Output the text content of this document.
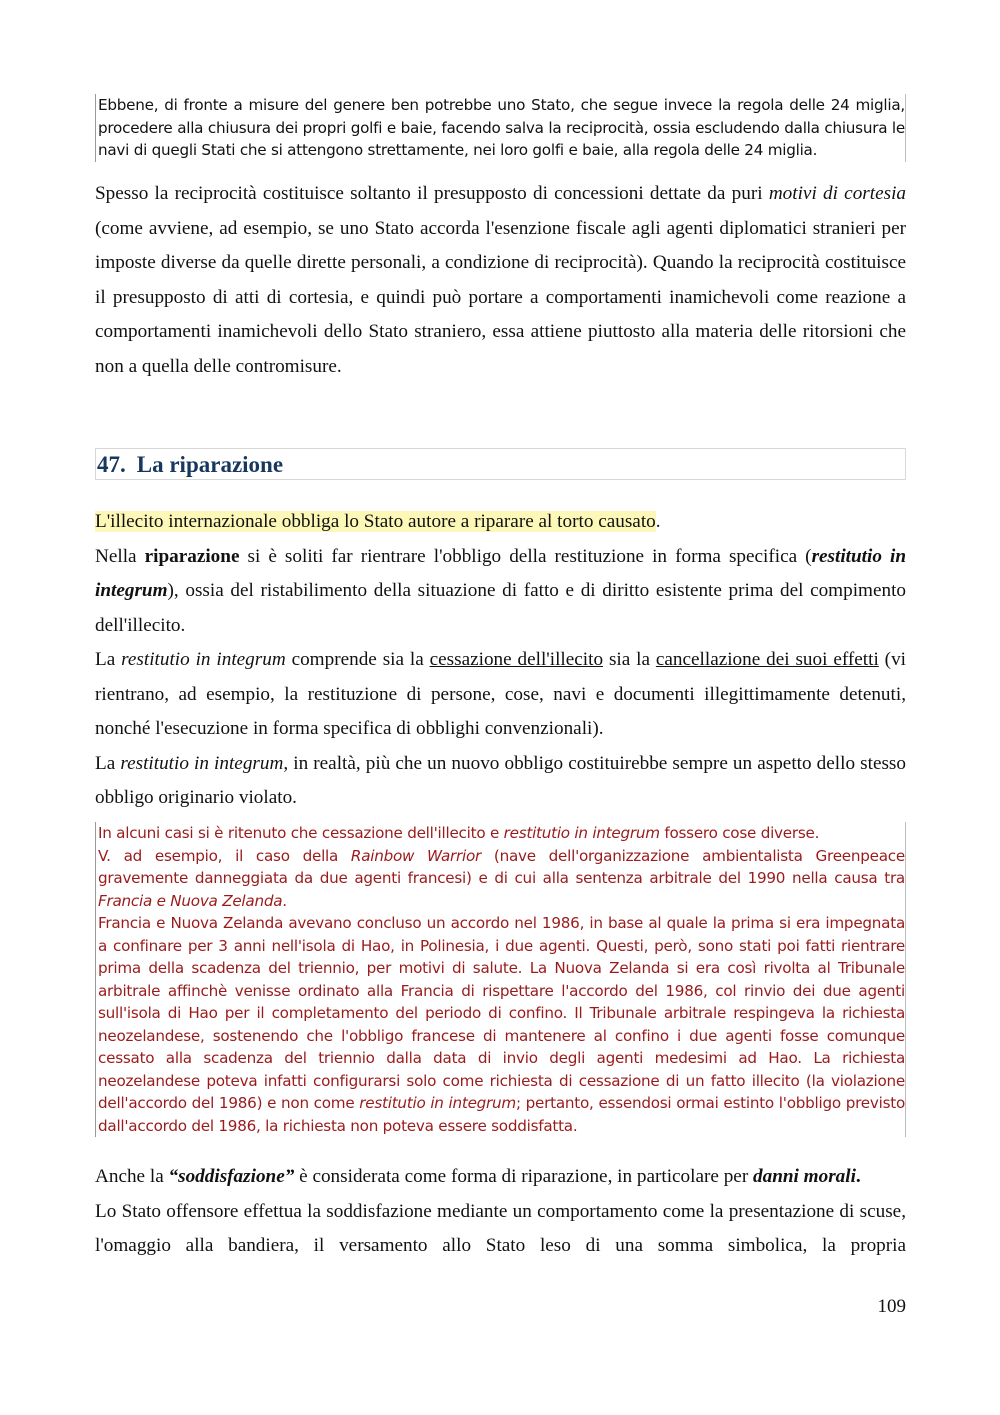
Ebbene, di fronte a misure del genere ben potrebbe uno Stato, che segue invece la regola delle 24 miglia, procedere alla chiusura dei propri golfi e baie, facendo salva la reciprocità, ossia escludendo dalla chiusura le navi di quegli Stati che si attengono strettamente, nei loro golfi e baie, alla regola delle 24 miglia.

Spesso la reciprocità costituisce soltanto il presupposto di concessioni dettate da puri motivi di cortesia (come avviene, ad esempio, se uno Stato accorda l'esenzione fiscale agli agenti diplomatici stranieri per imposte diverse da quelle dirette personali, a condizione di reciprocità). Quando la reciprocità costituisce il presupposto di atti di cortesia, e quindi può portare a comportamenti inamichevoli come reazione a comportamenti inamichevoli dello Stato straniero, essa attiene piuttosto alla materia delle ritorsioni che non a quella delle contromisure.

47. La riparazione

L'illecito internazionale obbliga lo Stato autore a riparare al torto causato.

Nella riparazione si è soliti far rientrare l'obbligo della restituzione in forma specifica (restitutio in integrum), ossia del ristabilimento della situazione di fatto e di diritto esistente prima del compimento dell'illecito.

La restitutio in integrum comprende sia la cessazione dell'illecito sia la cancellazione dei suoi effetti (vi rientrano, ad esempio, la restituzione di persone, cose, navi e documenti illegittimamente detenuti, nonché l'esecuzione in forma specifica di obblighi convenzionali).

La restitutio in integrum, in realtà, più che un nuovo obbligo costituirebbe sempre un aspetto dello stesso obbligo originario violato.

In alcuni casi si è ritenuto che cessazione dell'illecito e restitutio in integrum fossero cose diverse.

V. ad esempio, il caso della Rainbow Warrior (nave dell'organizzazione ambientalista Greenpeace gravemente danneggiata da due agenti francesi) e di cui alla sentenza arbitrale del 1990 nella causa tra Francia e Nuova Zelanda.

Francia e Nuova Zelanda avevano concluso un accordo nel 1986, in base al quale la prima si era impegnata a confinare per 3 anni nell'isola di Hao, in Polinesia, i due agenti. Questi, però, sono stati poi fatti rientrare prima della scadenza del triennio, per motivi di salute. La Nuova Zelanda si era così rivolta al Tribunale arbitrale affinchè venisse ordinato alla Francia di rispettare l'accordo del 1986, col rinvio dei due agenti sull'isola di Hao per il completamento del periodo di confino. Il Tribunale arbitrale respingeva la richiesta neozelandese, sostenendo che l'obbligo francese di mantenere al confino i due agenti fosse comunque cessato alla scadenza del triennio dalla data di invio degli agenti medesimi ad Hao. La richiesta neozelandese poteva infatti configurarsi solo come richiesta di cessazione di un fatto illecito (la violazione dell'accordo del 1986) e non come restitutio in integrum; pertanto, essendosi ormai estinto l'obbligo previsto dall'accordo del 1986, la richiesta non poteva essere soddisfatta.

Anche la “soddisfazione” è considerata come forma di riparazione, in particolare per danni morali.

Lo Stato offensore effettua la soddisfazione mediante un comportamento come la presentazione di scuse, l'omaggio alla bandiera, il versamento allo Stato leso di una somma simbolica, la propria

109
